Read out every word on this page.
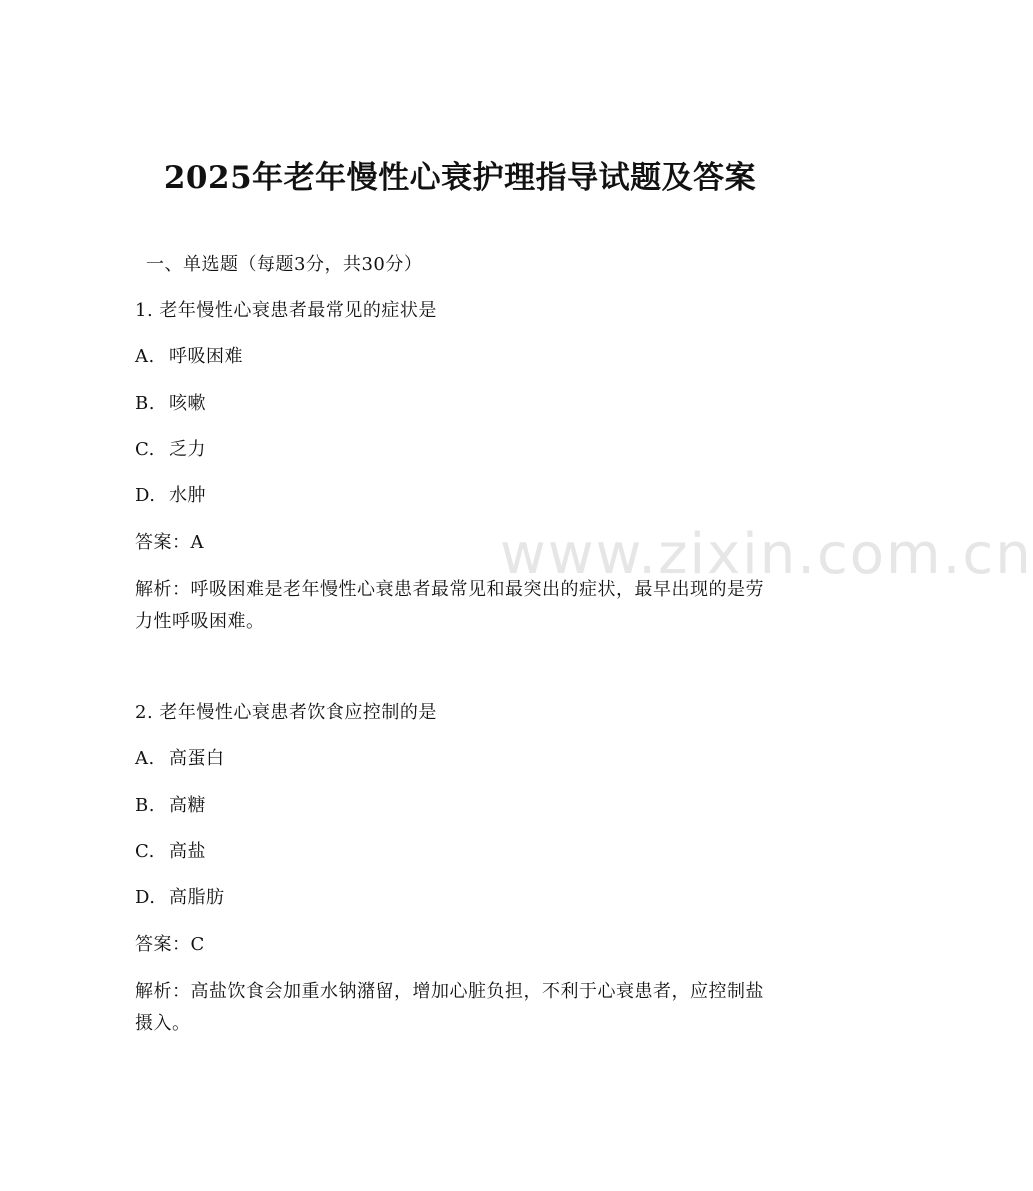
www.zixin.com.cn
2025年老年慢性心衰护理指导试题及答案
一、单选题（每题3分，共30分）
1. 老年慢性心衰患者最常见的症状是
A. 呼吸困难
B. 咳嗽
C. 乏力
D. 水肿
答案：A
解析：呼吸困难是老年慢性心衰患者最常见和最突出的症状，最早出现的是劳力性呼吸困难。
2. 老年慢性心衰患者饮食应控制的是
A. 高蛋白
B. 高糖
C. 高盐
D. 高脂肪
答案：C
解析：高盐饮食会加重水钠潴留，增加心脏负担，不利于心衰患者，应控制盐摄入。
